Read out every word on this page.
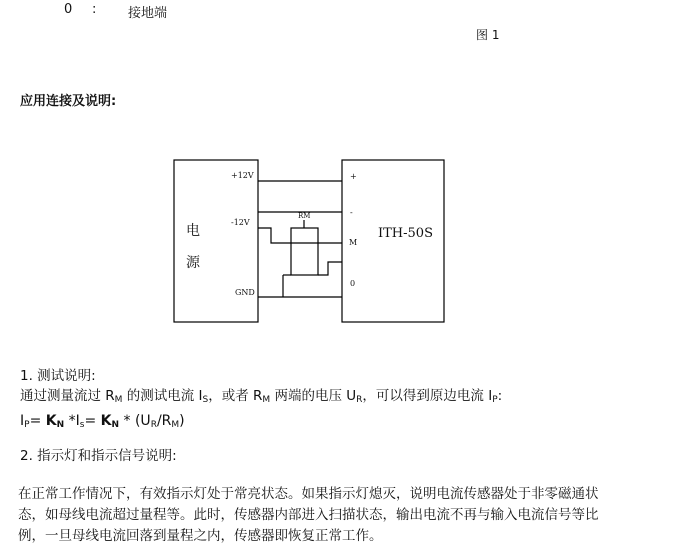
0 : 接地端
图 1
应用连接及说明:
电
源
+12V
-12V
GND
RM
ITH-50S
+
-
M
0
1. 测试说明:
通过测量流过 $R_M$ 的测试电流 $I_S$，或者 $R_M$ 两端的电压 $U_R$，可以得到原边电流 $I_P$:
$I_P= K_N$ $*I_s= K_N * (U_R/R_M)$
2. 指示灯和指示信号说明:
在正常工作情况下，有效指示灯处于常亮状态。如果指示灯熄灭，说明电流传感器处于非零磁通状
态，如母线电流超过量程等。此时，传感器内部进入扫描状态，输出电流不再与输入电流信号等比
例，一旦母线电流回落到量程之内，传感器即恢复正常工作。
